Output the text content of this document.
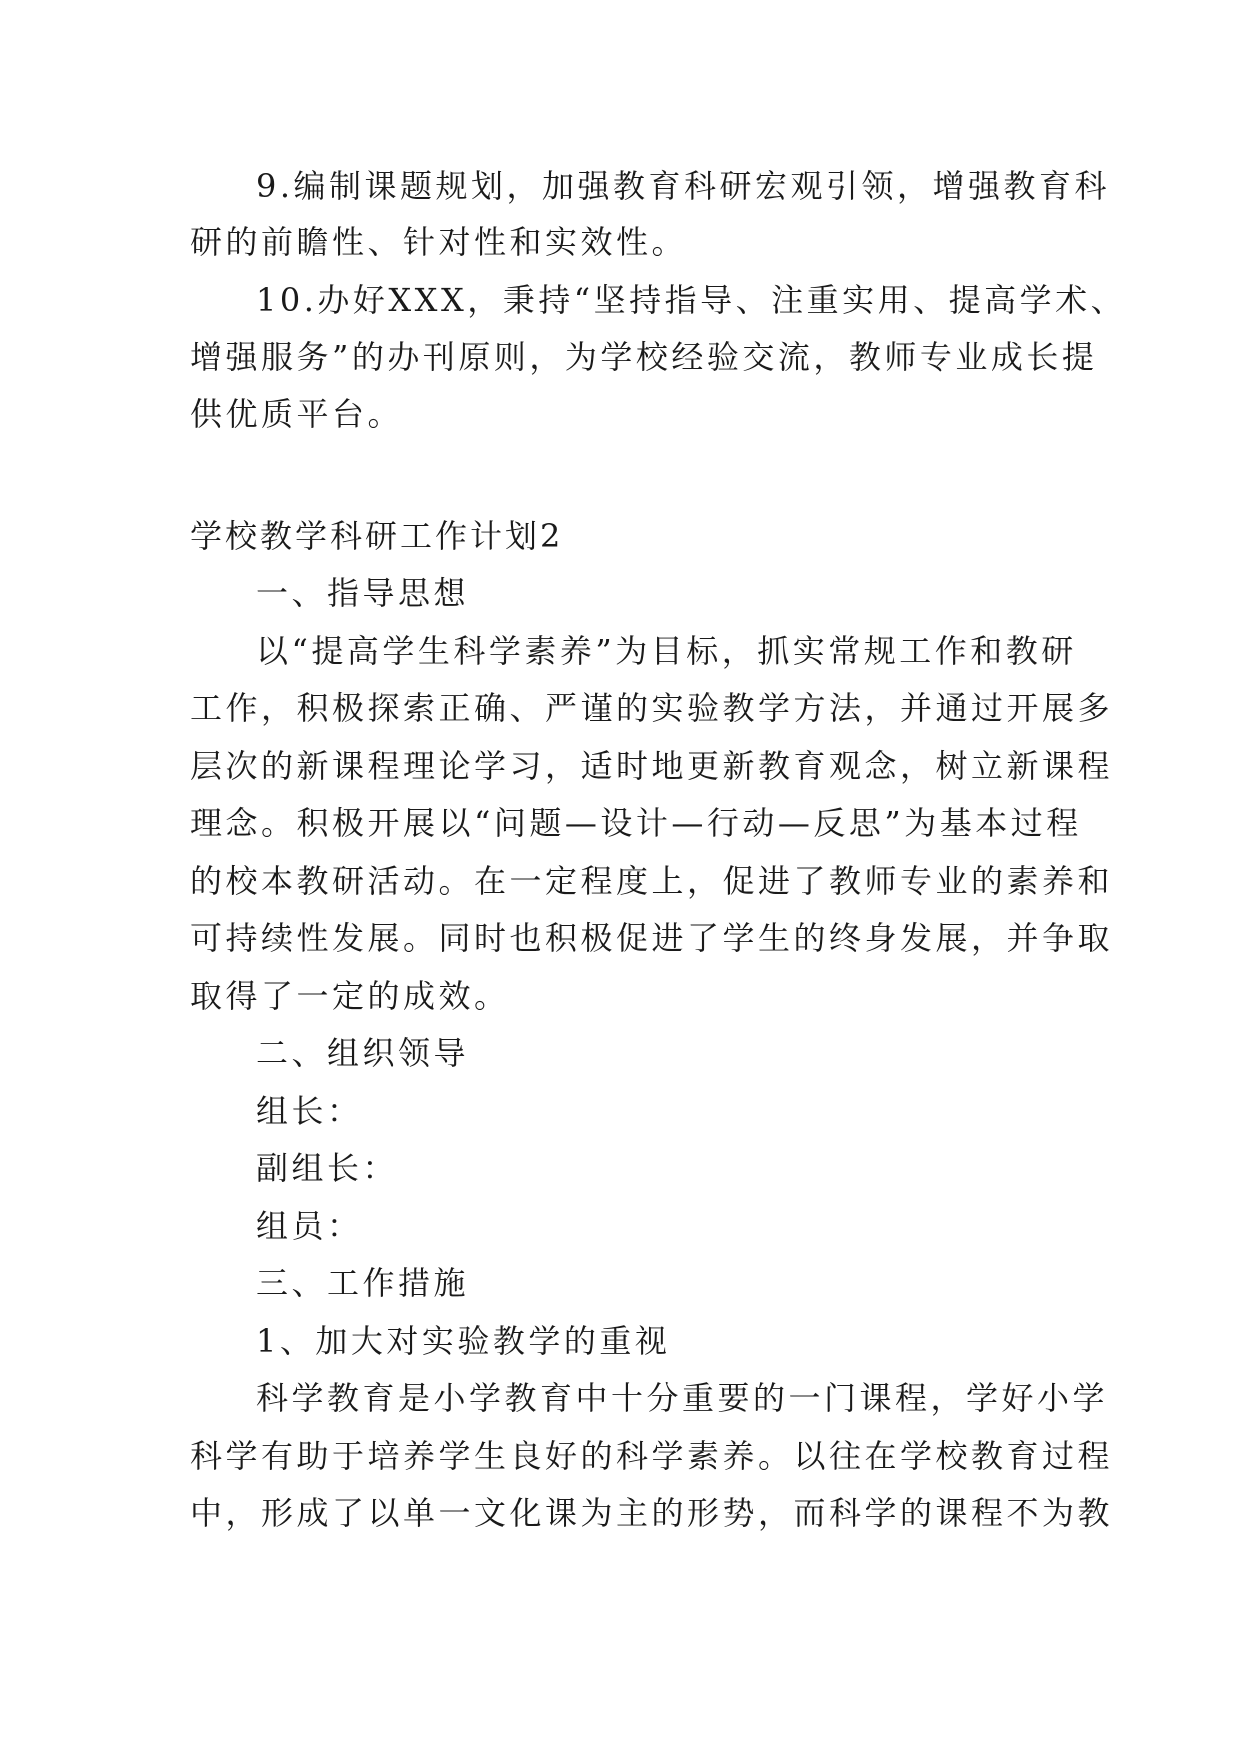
9.编制课题规划，加强教育科研宏观引领，增强教育科
研的前瞻性、针对性和实效性。
10.办好XXX，秉持“坚持指导、注重实用、提高学术、
增强服务”的办刊原则，为学校经验交流，教师专业成长提
供优质平台。
学校教学科研工作计划2
一、指导思想
以“提高学生科学素养”为目标，抓实常规工作和教研
工作，积极探索正确、严谨的实验教学方法，并通过开展多
层次的新课程理论学习，适时地更新教育观念，树立新课程
理念。积极开展以“问题—设计—行动—反思”为基本过程
的校本教研活动。在一定程度上，促进了教师专业的素养和
可持续性发展。同时也积极促进了学生的终身发展，并争取
取得了一定的成效。
二、组织领导
组长：
副组长：
组员：
三、工作措施
1、加大对实验教学的重视
科学教育是小学教育中十分重要的一门课程，学好小学
科学有助于培养学生良好的科学素养。以往在学校教育过程
中，形成了以单一文化课为主的形势，而科学的课程不为教
